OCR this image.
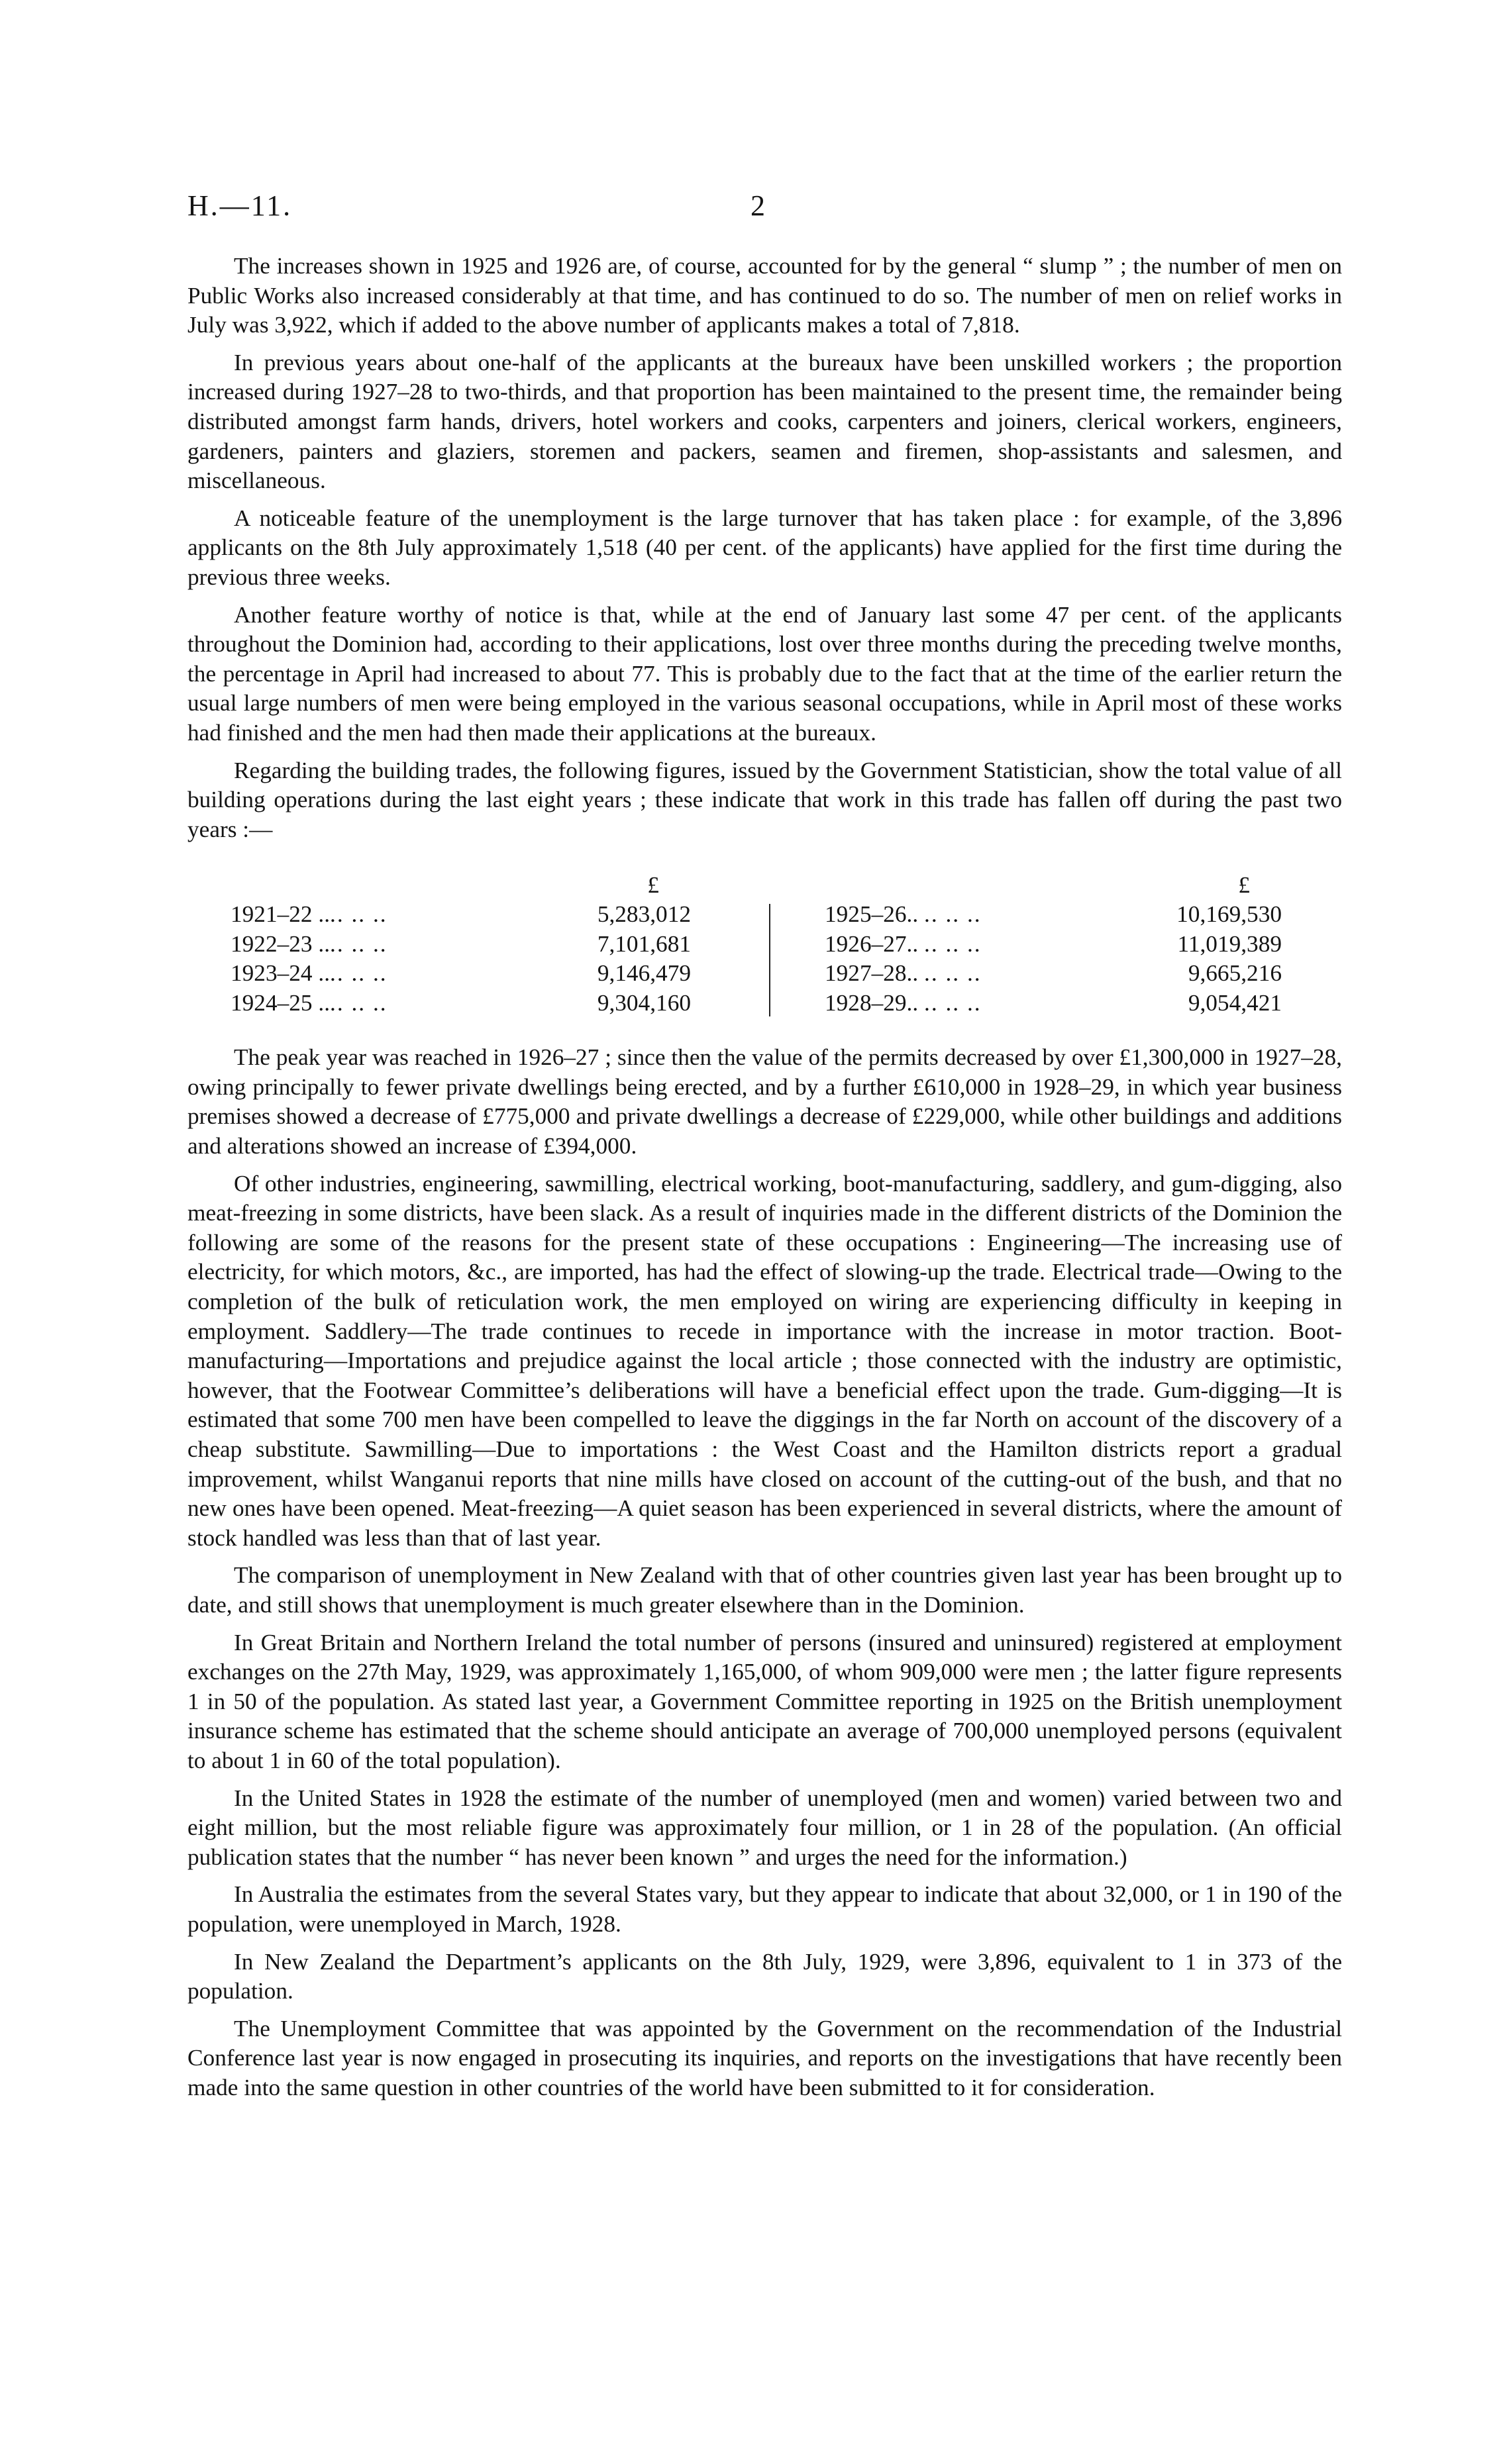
H.—11.	2

The increases shown in 1925 and 1926 are, of course, accounted for by the general “ slump ” ; the number of men on Public Works also increased considerably at that time, and has continued to do so. The number of men on relief works in July was 3,922, which if added to the above number of applicants makes a total of 7,818.

In previous years about one-half of the applicants at the bureaux have been unskilled workers ; the proportion increased during 1927–28 to two-thirds, and that proportion has been maintained to the present time, the remainder being distributed amongst farm hands, drivers, hotel workers and cooks, carpenters and joiners, clerical workers, engineers, gardeners, painters and glaziers, storemen and packers, seamen and firemen, shop-assistants and salesmen, and miscellaneous.

A noticeable feature of the unemployment is the large turnover that has taken place : for example, of the 3,896 applicants on the 8th July approximately 1,518 (40 per cent. of the applicants) have applied for the first time during the previous three weeks.

Another feature worthy of notice is that, while at the end of January last some 47 per cent. of the applicants throughout the Dominion had, according to their applications, lost over three months during the preceding twelve months, the percentage in April had increased to about 77. This is probably due to the fact that at the time of the earlier return the usual large numbers of men were being employed in the various seasonal occupations, while in April most of these works had finished and the men had then made their applications at the bureaux.

Regarding the building trades, the following figures, issued by the Government Statistician, show the total value of all building operations during the last eight years ; these indicate that work in this trade has fallen off during the past two years :—

£
1921–22 .. .. .. ..	5,283,012
1922–23 .. .. .. ..	7,101,681
1923–24 .. .. .. ..	9,146,479
1924–25 .. .. .. ..	9,304,160
£
1925–26.. .. .. ..	10,169,530
1926–27.. .. .. ..	11,019,389
1927–28.. .. .. ..	9,665,216
1928–29.. .. .. ..	9,054,421

The peak year was reached in 1926–27 ; since then the value of the permits decreased by over £1,300,000 in 1927–28, owing principally to fewer private dwellings being erected, and by a further £610,000 in 1928–29, in which year business premises showed a decrease of £775,000 and private dwellings a decrease of £229,000, while other buildings and additions and alterations showed an increase of £394,000.

Of other industries, engineering, sawmilling, electrical working, boot-manufacturing, saddlery, and gum-digging, also meat-freezing in some districts, have been slack. As a result of inquiries made in the different districts of the Dominion the following are some of the reasons for the present state of these occupations : Engineering—The increasing use of electricity, for which motors, &c., are imported, has had the effect of slowing-up the trade. Electrical trade—Owing to the completion of the bulk of reticulation work, the men employed on wiring are experiencing difficulty in keeping in employment. Saddlery—The trade continues to recede in importance with the increase in motor traction. Boot-manufacturing—Importations and prejudice against the local article ; those connected with the industry are optimistic, however, that the Footwear Committee’s deliberations will have a beneficial effect upon the trade. Gum-digging—It is estimated that some 700 men have been compelled to leave the diggings in the far North on account of the discovery of a cheap substitute. Sawmilling—Due to importations : the West Coast and the Hamilton districts report a gradual improvement, whilst Wanganui reports that nine mills have closed on account of the cutting-out of the bush, and that no new ones have been opened. Meat-freezing—A quiet season has been experienced in several districts, where the amount of stock handled was less than that of last year.

The comparison of unemployment in New Zealand with that of other countries given last year has been brought up to date, and still shows that unemployment is much greater elsewhere than in the Dominion.

In Great Britain and Northern Ireland the total number of persons (insured and uninsured) registered at employment exchanges on the 27th May, 1929, was approximately 1,165,000, of whom 909,000 were men ; the latter figure represents 1 in 50 of the population. As stated last year, a Government Committee reporting in 1925 on the British unemployment insurance scheme has estimated that the scheme should anticipate an average of 700,000 unemployed persons (equivalent to about 1 in 60 of the total population).

In the United States in 1928 the estimate of the number of unemployed (men and women) varied between two and eight million, but the most reliable figure was approximately four million, or 1 in 28 of the population. (An official publication states that the number “ has never been known ” and urges the need for the information.)

In Australia the estimates from the several States vary, but they appear to indicate that about 32,000, or 1 in 190 of the population, were unemployed in March, 1928.

In New Zealand the Department’s applicants on the 8th July, 1929, were 3,896, equivalent to 1 in 373 of the population.

The Unemployment Committee that was appointed by the Government on the recommendation of the Industrial Conference last year is now engaged in prosecuting its inquiries, and reports on the investigations that have recently been made into the same question in other countries of the world have been submitted to it for consideration.
